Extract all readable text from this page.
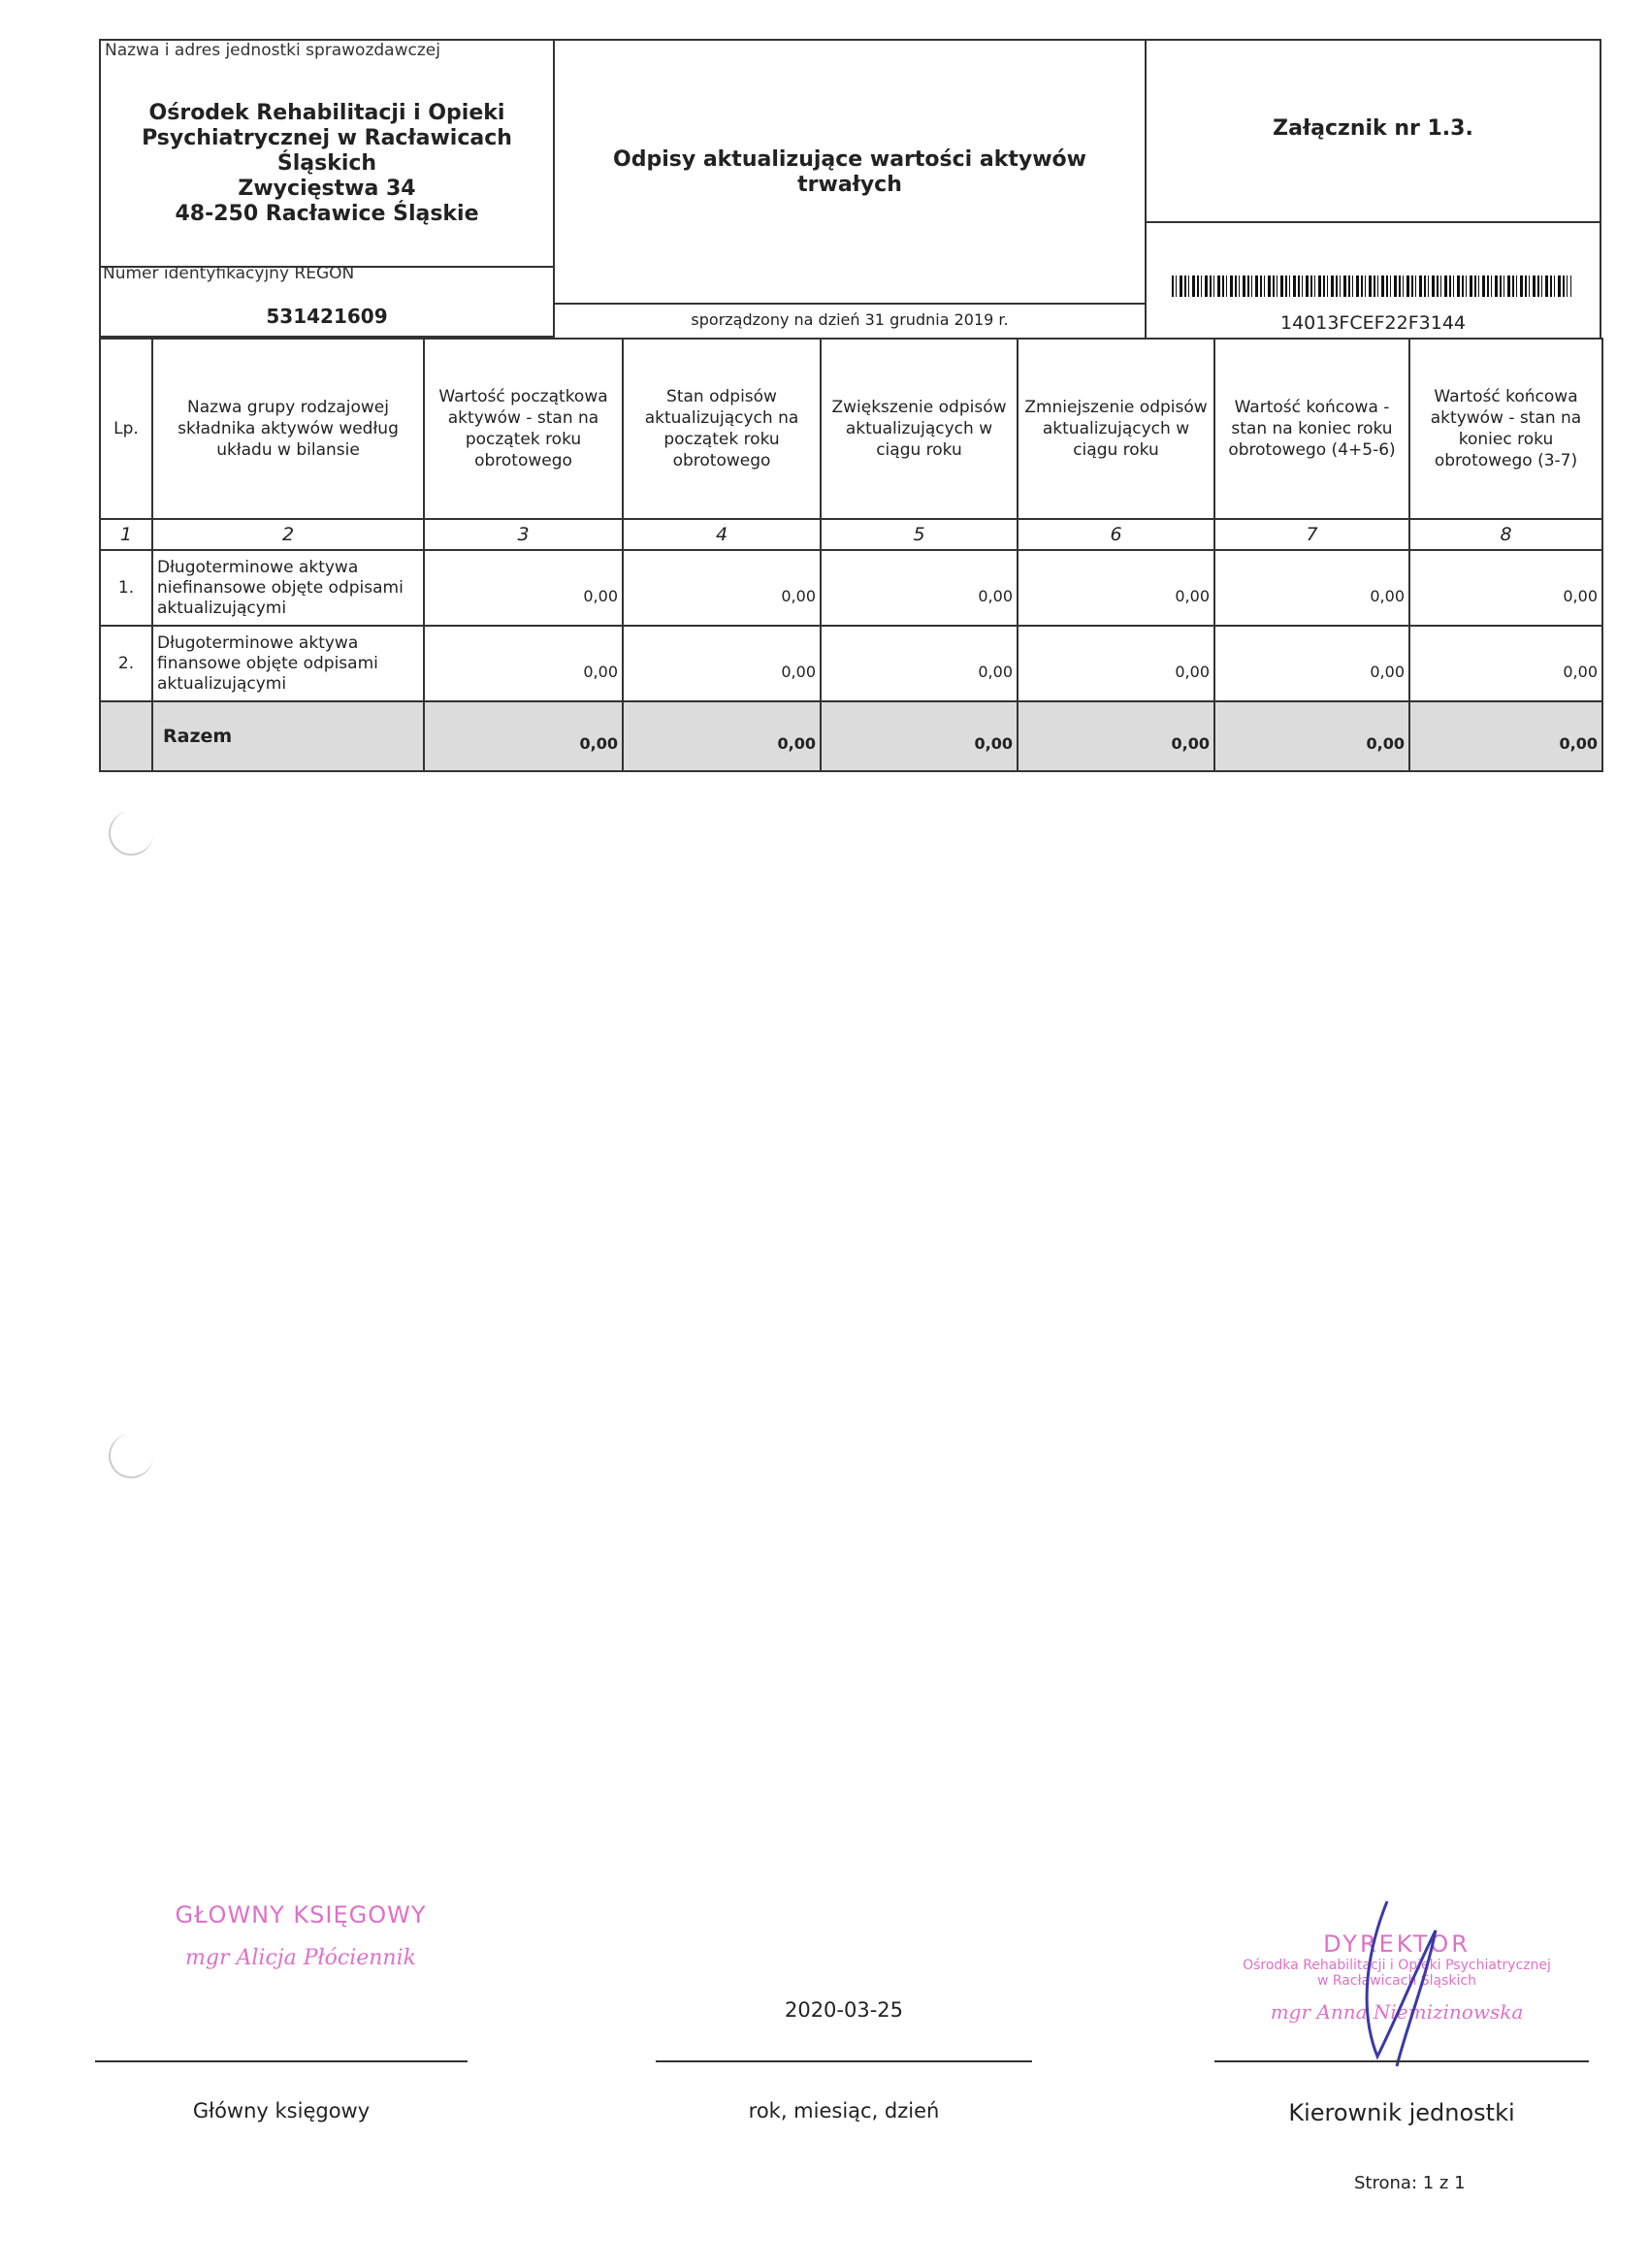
Nazwa i adres jednostki sprawozdawczej
Ośrodek Rehabilitacji i Opieki
Psychiatrycznej w Racławicach
Śląskich
Zwycięstwa 34
48-250 Racławice Śląskie
Odpisy aktualizujące wartości aktywów
trwałych
Załącznik nr 1.3.
Numer identyfikacyjny REGON
531421609	sporządzony na dzień 31 grudnia 2019 r.	14013FCEF22F3144
Lp.	Nazwa grupy rodzajowej składnika aktywów według układu w bilansie	Wartość początkowa aktywów - stan na początek roku obrotowego	Stan odpisów aktualizujących na początek roku obrotowego	Zwiększenie odpisów aktualizujących w ciągu roku	Zmniejszenie odpisów aktualizujących w ciągu roku	Wartość końcowa - stan na koniec roku obrotowego (4+5-6)	Wartość końcowa aktywów - stan na koniec roku obrotowego (3-7)
1	2	3	4	5	6	7	8
1.	Długoterminowe aktywa niefinansowe objęte odpisami aktualizującymi	0,00	0,00	0,00	0,00	0,00	0,00
2.	Długoterminowe aktywa finansowe objęte odpisami aktualizującymi	0,00	0,00	0,00	0,00	0,00	0,00
	Razem	0,00	0,00	0,00	0,00	0,00	0,00
GŁOWNY KSIĘGOWY
mgr Alicja Płóciennik
Główny księgowy
2020-03-25
rok, miesiąc, dzień
DYREKTOR
Ośrodka Rehabilitacji i Opieki Psychiatrycznej
w Racławicach Śląskich
mgr Anna Niemizinowska
Kierownik jednostki
Strona: 1 z 1
